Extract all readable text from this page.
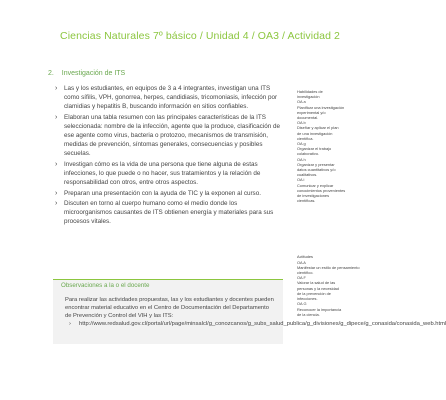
Ciencias Naturales 7º básico / Unidad 4 / OA3 / Actividad 2
2. Investigación de ITS
› Las y los estudiantes, en equipos de 3 a 4 integrantes, investigan una ITS como sífilis, VPH, gonorrea, herpes, candidiasis, tricomoniasis, infección por clamidias y hepatitis B, buscando información en sitios confiables.
› Elaboran una tabla resumen con las principales características de la ITS seleccionada: nombre de la infección, agente que la produce, clasificación de ese agente como virus, bacteria o protozoo, mecanismos de transmisión, medidas de prevención, síntomas generales, consecuencias y posibles secuelas.
› Investigan cómo es la vida de una persona que tiene alguna de estas infecciones, lo que puede o no hacer, sus tratamientos y la relación de responsabilidad con otros, entre otros aspectos.
› Preparan una presentación con la ayuda de TIC y la exponen al curso.
› Discuten en torno al cuerpo humano como el medio donde los microorganismos causantes de ITS obtienen energía y materiales para sus procesos vitales.
Habilidades de
investigación
OA a
Planificar una investigación
experimental y/o
documental.
OA b
Diseñar y aplicar el plan
de una investigación
científica.
OA g
Organizar el trabajo
colaborativo.
OA h
Organizar y presentar
datos cuantitativos y/o
cualitativos.
OA i
Comunicar y explicar
conocimientos provenientes
de investigaciones
científicas.
Actitudes
OA A
Manifestar un estilo de pensamiento
científico.
OA F
Valorar la salud de las
personas y la necesidad
de la prevención de
infecciones.
OA G
Reconocer la importancia
de la ciencia.
Observaciones a la o el docente
Para realizar las actividades propuestas, las y los estudiantes y docentes pueden encontrar material educativo en el Centro de Documentación del Departamento de Prevención y Control del VIH y las ITS:
› http://www.redsalud.gov.cl/portal/url/page/minsalcl/g_conozcanos/g_subs_salud_publica/g_divisiones/g_dipece/g_conasida/conasida_web.html
